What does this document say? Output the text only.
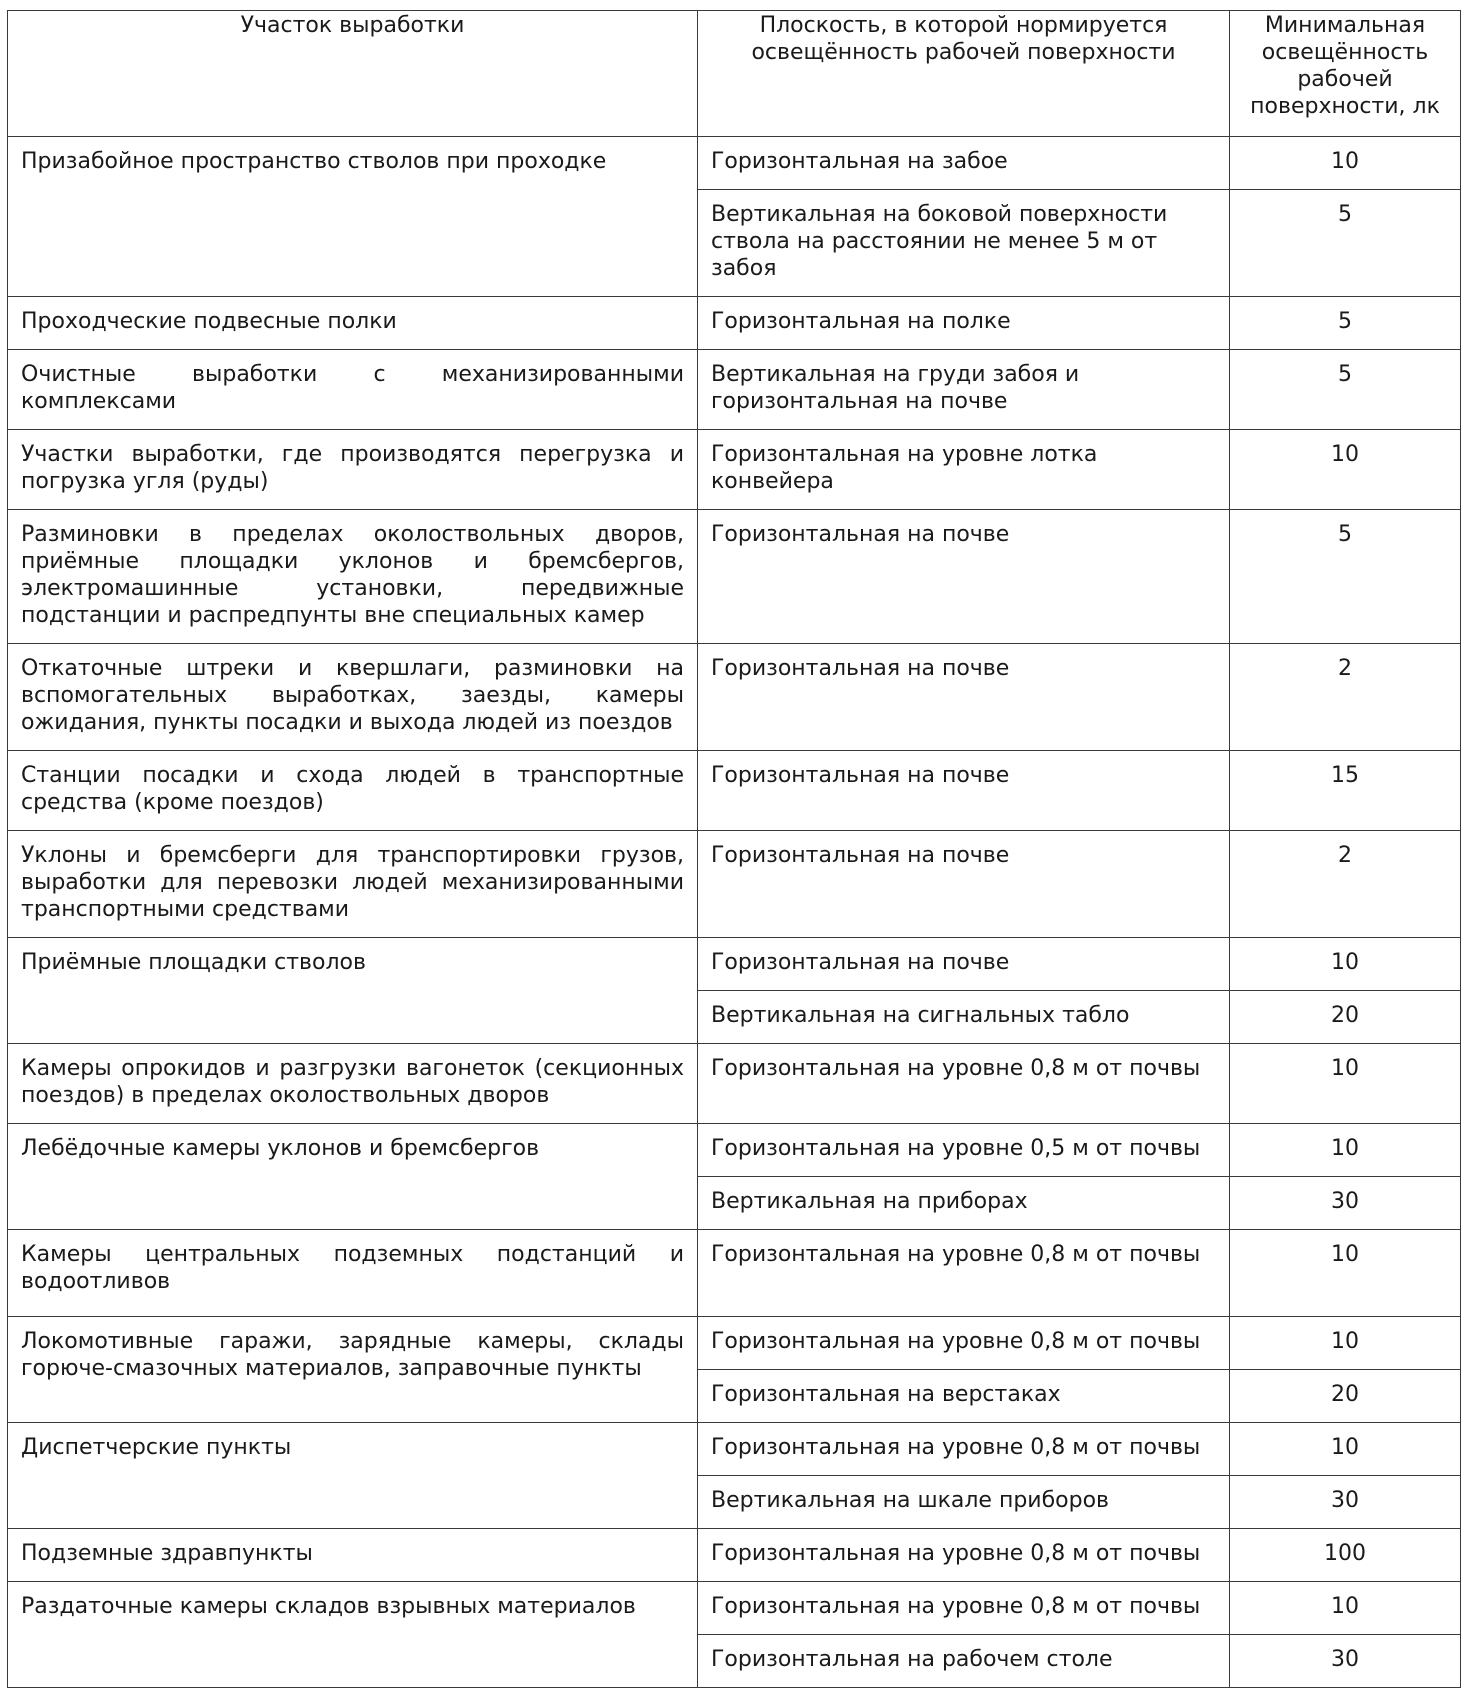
Участок выработки	Плоскость, в которой нормируется освещённость рабочей поверхности	Минимальная освещённость рабочей поверхности, лк
Призабойное пространство стволов при проходке	Горизонтальная на забое	10
	Вертикальная на боковой поверхности ствола на расстоянии не менее 5 м от забоя	5
Проходческие подвесные полки	Горизонтальная на полке	5
Очистные выработки с механизированными комплексами	Вертикальная на груди забоя и горизонтальная на почве	5
Участки выработки, где производятся перегрузка и погрузка угля (руды)	Горизонтальная на уровне лотка конвейера	10
Разминовки в пределах околоствольных дворов, приёмные площадки уклонов и бремсбергов, электромашинные установки, передвижные подстанции и распредпунты вне специальных камер	Горизонтальная на почве	5
Откаточные штреки и квершлаги, разминовки на вспомогательных выработках, заезды, камеры ожидания, пункты посадки и выхода людей из поездов	Горизонтальная на почве	2
Станции посадки и схода людей в транспортные средства (кроме поездов)	Горизонтальная на почве	15
Уклоны и бремсберги для транспортировки грузов, выработки для перевозки людей механизированными транспортными средствами	Горизонтальная на почве	2
Приёмные площадки стволов	Горизонтальная на почве	10
	Вертикальная на сигнальных табло	20
Камеры опрокидов и разгрузки вагонеток (секционных поездов) в пределах околоствольных дворов	Горизонтальная на уровне 0,8 м от почвы	10
Лебёдочные камеры уклонов и бремсбергов	Горизонтальная на уровне 0,5 м от почвы	10
	Вертикальная на приборах	30
Камеры центральных подземных подстанций и водоотливов	Горизонтальная на уровне 0,8 м от почвы	10
Локомотивные гаражи, зарядные камеры, склады горюче-смазочных материалов, заправочные пункты	Горизонтальная на уровне 0,8 м от почвы	10
	Горизонтальная на верстаках	20
Диспетчерские пункты	Горизонтальная на уровне 0,8 м от почвы	10
	Вертикальная на шкале приборов	30
Подземные здравпункты	Горизонтальная на уровне 0,8 м от почвы	100
Раздаточные камеры складов взрывных материалов	Горизонтальная на уровне 0,8 м от почвы	10
	Горизонтальная на рабочем столе	30
